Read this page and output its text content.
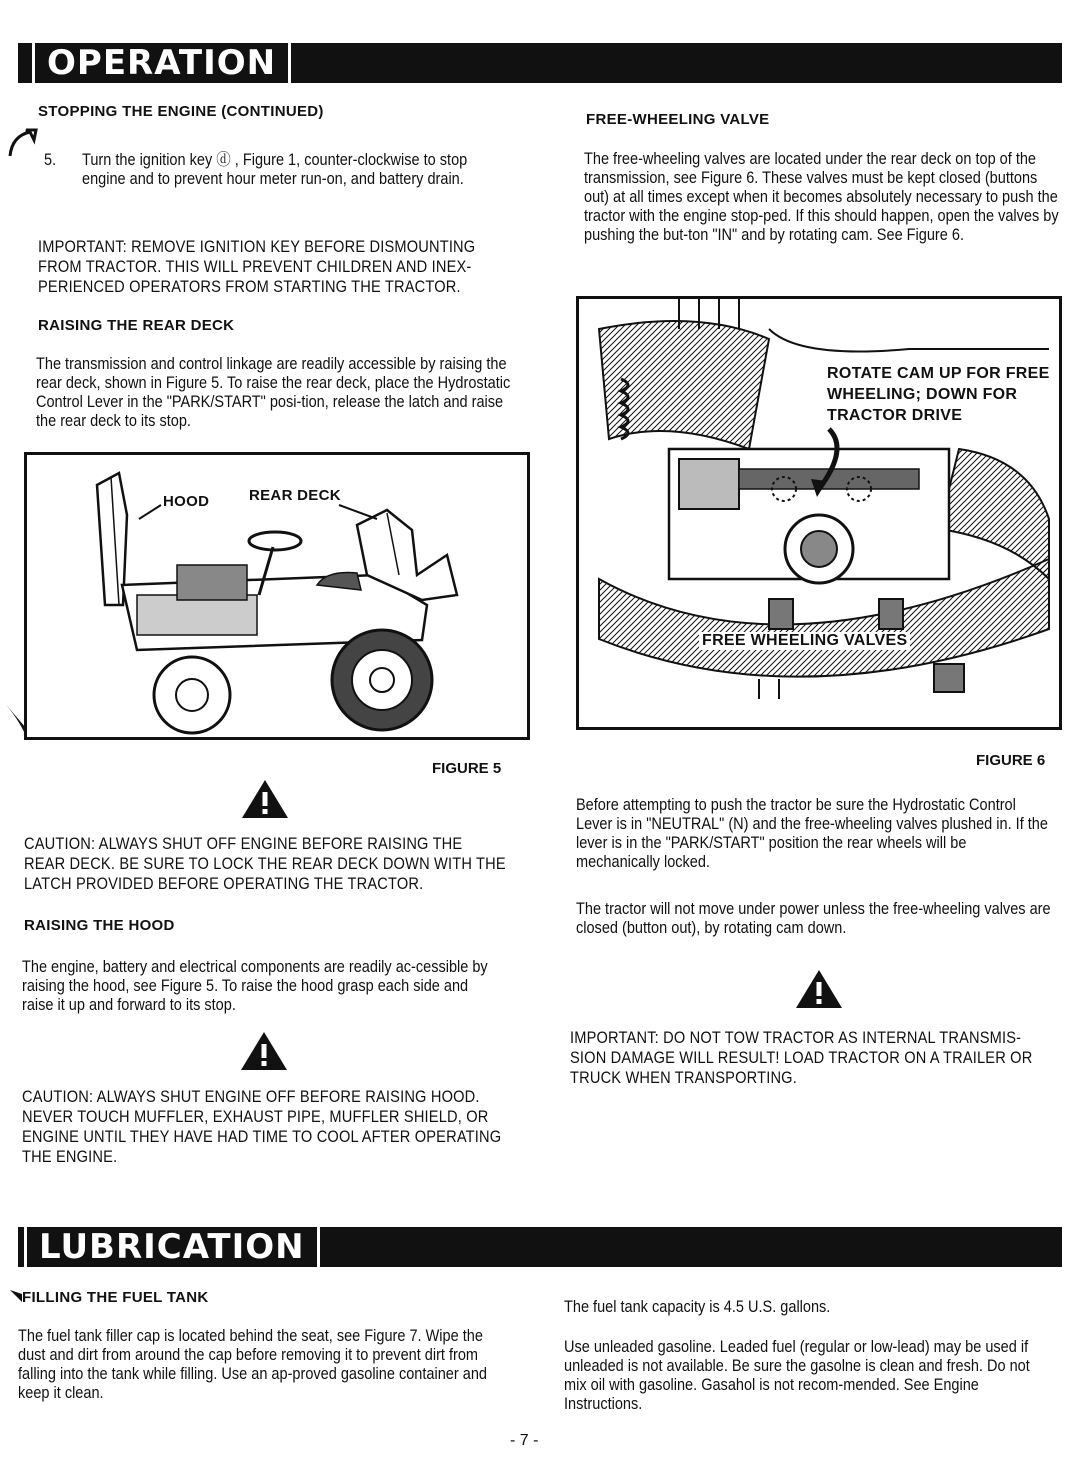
OPERATION
STOPPING THE ENGINE (CONTINUED)
5. Turn the ignition key ⓓ , Figure 1, counter-clockwise to stop engine and to prevent hour meter run-on, and battery drain.
IMPORTANT: REMOVE IGNITION KEY BEFORE DISMOUNTING FROM TRACTOR. THIS WILL PREVENT CHILDREN AND INEX-PERIENCED OPERATORS FROM STARTING THE TRACTOR.
RAISING THE REAR DECK
The transmission and control linkage are readily accessible by raising the rear deck, shown in Figure 5. To raise the rear deck, place the Hydrostatic Control Lever in the "PARK/START" posi-tion, release the latch and raise the rear deck to its stop.
HOOD	REAR DECK
FIGURE 5
CAUTION: ALWAYS SHUT OFF ENGINE BEFORE RAISING THE REAR DECK. BE SURE TO LOCK THE REAR DECK DOWN WITH THE LATCH PROVIDED BEFORE OPERATING THE TRACTOR.
RAISING THE HOOD
The engine, battery and electrical components are readily ac-cessible by raising the hood, see Figure 5. To raise the hood grasp each side and raise it up and forward to its stop.
CAUTION: ALWAYS SHUT ENGINE OFF BEFORE RAISING HOOD. NEVER TOUCH MUFFLER, EXHAUST PIPE, MUFFLER SHIELD, OR ENGINE UNTIL THEY HAVE HAD TIME TO COOL AFTER OPERATING THE ENGINE.
FREE-WHEELING VALVE
The free-wheeling valves are located under the rear deck on top of the transmission, see Figure 6. These valves must be kept closed (buttons out) at all times except when it becomes absolutely necessary to push the tractor with the engine stop-ped. If this should happen, open the valves by pushing the but-ton "IN" and by rotating cam. See Figure 6.
ROTATE CAM UP FOR FREE WHEELING; DOWN FOR TRACTOR DRIVE
FREE WHEELING VALVES
FIGURE 6
Before attempting to push the tractor be sure the Hydrostatic Control Lever is in "NEUTRAL" (N) and the free-wheeling valves plushed in. If the lever is in the "PARK/START" position the rear wheels will be mechanically locked.
The tractor will not move under power unless the free-wheeling valves are closed (button out), by rotating cam down.
IMPORTANT: DO NOT TOW TRACTOR AS INTERNAL TRANSMIS-SION DAMAGE WILL RESULT! LOAD TRACTOR ON A TRAILER OR TRUCK WHEN TRANSPORTING.
LUBRICATION
FILLING THE FUEL TANK
The fuel tank filler cap is located behind the seat, see Figure 7. Wipe the dust and dirt from around the cap before removing it to prevent dirt from falling into the tank while filling. Use an ap-proved gasoline container and keep it clean.
The fuel tank capacity is 4.5 U.S. gallons.
Use unleaded gasoline. Leaded fuel (regular or low-lead) may be used if unleaded is not available. Be sure the gasolne is clean and fresh. Do not mix oil with gasoline. Gasahol is not recom-mended. See Engine Instructions.
- 7 -
